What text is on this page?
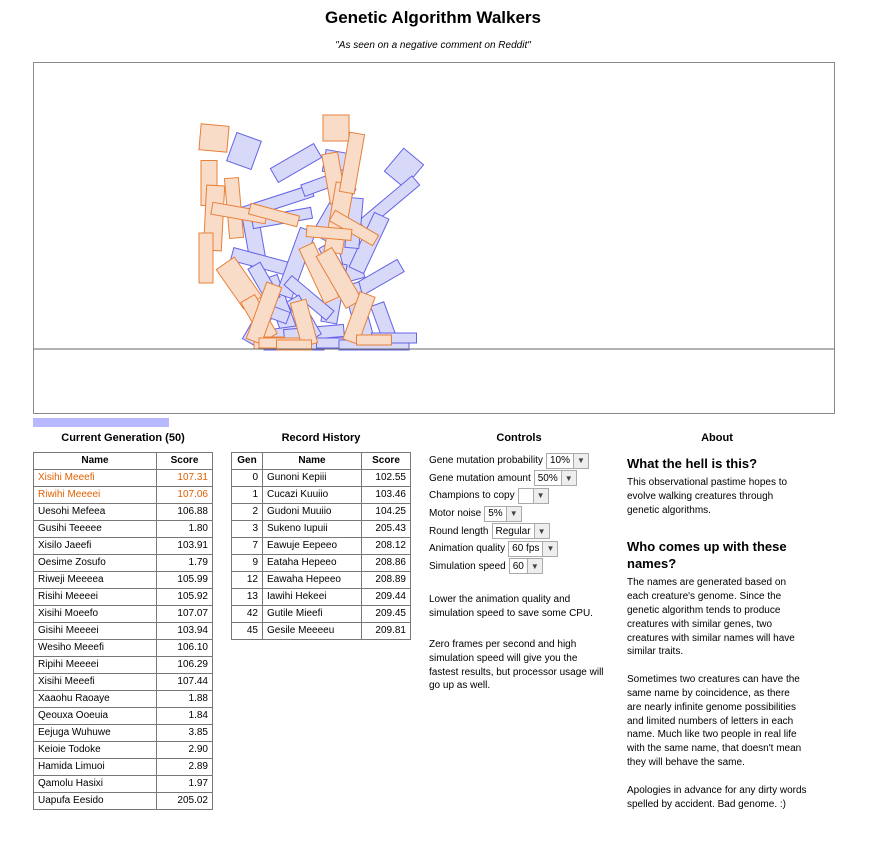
Genetic Algorithm Walkers
"As seen on a negative comment on Reddit"
Current Generation (50)
Name	Score
Xisihi Meeefi	107.31
Riwihi Meeeei	107.06
Uesohi Mefeea	106.88
Gusihi Teeeee	1.80
Xisilo Jaeefi	103.91
Oesime Zosufo	1.79
Riweji Meeeea	105.99
Risihi Meeeei	105.92
Xisihi Moeefo	107.07
Gisihi Meeeei	103.94
Wesiho Meeefi	106.10
Ripihi Meeeei	106.29
Xisihi Meeefi	107.44
Xaaohu Raoaye	1.88
Qeouxa Ooeuia	1.84
Eejuga Wuhuwe	3.85
Keioie Todoke	2.90
Hamida Limuoi	2.89
Qamolu Hasixi	1.97
Uapufa Eesido	205.02
Record History
Gen	Name	Score
0	Gunoni Kepiii	102.55
1	Cucazi Kuuiio	103.46
2	Gudoni Muuiio	104.25
3	Sukeno Iupuii	205.43
7	Eawuje Eepeeo	208.12
9	Eataha Hepeeo	208.86
12	Eawaha Hepeeo	208.89
13	Iawihi Hekeei	209.44
42	Gutile Mieefi	209.45
45	Gesile Meeeeu	209.81
Controls
Gene mutation probability 10% ▼
Gene mutation amount 50% ▼
Champions to copy	▼
Motor noise 5% ▼
Round length Regular ▼
Animation quality 60 fps ▼
Simulation speed 60 ▼
Lower the animation quality and simulation speed to save some CPU.
Zero frames per second and high simulation speed will give you the fastest results, but processor usage will go up as well.
About
What the hell is this?

This observational pastime hopes to evolve walking creatures through genetic algorithms.

Who comes up with these names?

The names are generated based on each creature's genome. Since the genetic algorithm tends to produce creatures with similar genes, two creatures with similar names will have similar traits.

Sometimes two creatures can have the same name by coincidence, as there are nearly infinite genome possibilities and limited numbers of letters in each name. Much like two people in real life with the same name, that doesn't mean they will behave the same.

Apologies in advance for any dirty words spelled by accident. Bad genome. :)
